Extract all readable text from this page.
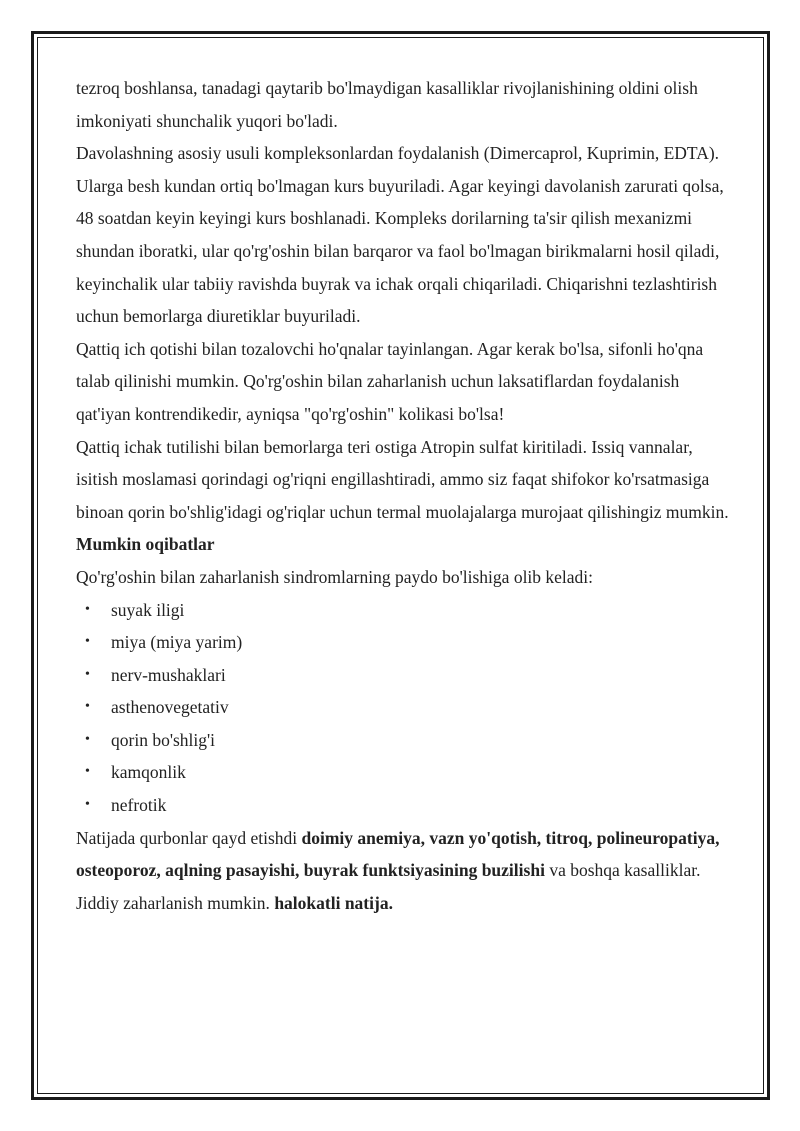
tezroq boshlansa, tanadagi qaytarib bo'lmaydigan kasalliklar rivojlanishining oldini olish imkoniyati shunchalik yuqori bo'ladi.

Davolashning asosiy usuli kompleksonlardan foydalanish (Dimercaprol, Kuprimin, EDTA). Ularga besh kundan ortiq bo'lmagan kurs buyuriladi. Agar keyingi davolanish zarurati qolsa, 48 soatdan keyin keyingi kurs boshlanadi. Kompleks dorilarning ta'sir qilish mexanizmi shundan iboratki, ular qo'rg'oshin bilan barqaror va faol bo'lmagan birikmalarni hosil qiladi, keyinchalik ular tabiiy ravishda buyrak va ichak orqali chiqariladi. Chiqarishni tezlashtirish uchun bemorlarga diuretiklar buyuriladi.

Qattiq ich qotishi bilan tozalovchi ho'qnalar tayinlangan. Agar kerak bo'lsa, sifonli ho'qna talab qilinishi mumkin. Qo'rg'oshin bilan zaharlanish uchun laksatiflardan foydalanish qat'iyan kontrendikedir, ayniqsa "qo'rg'oshin" kolikasi bo'lsa!

Qattiq ichak tutilishi bilan bemorlarga teri ostiga Atropin sulfat kiritiladi. Issiq vannalar, isitish moslamasi qorindagi og'riqni engillashtiradi, ammo siz faqat shifokor ko'rsatmasiga binoan qorin bo'shlig'idagi og'riqlar uchun termal muolajalarga murojaat qilishingiz mumkin.

Mumkin oqibatlar

Qo'rg'oshin bilan zaharlanish sindromlarning paydo bo'lishiga olib keladi:

• suyak iligi
• miya (miya yarim)
• nerv-mushaklari
• asthenovegetativ
• qorin bo'shlig'i
• kamqonlik
• nefrotik

Natijada qurbonlar qayd etishdi doimiy anemiya, vazn yo'qotish, titroq, polineuropatiya, osteoporoz, aqlning pasayishi, buyrak funktsiyasining buzilishi va boshqa kasalliklar.

Jiddiy zaharlanish mumkin. halokatli natija.
